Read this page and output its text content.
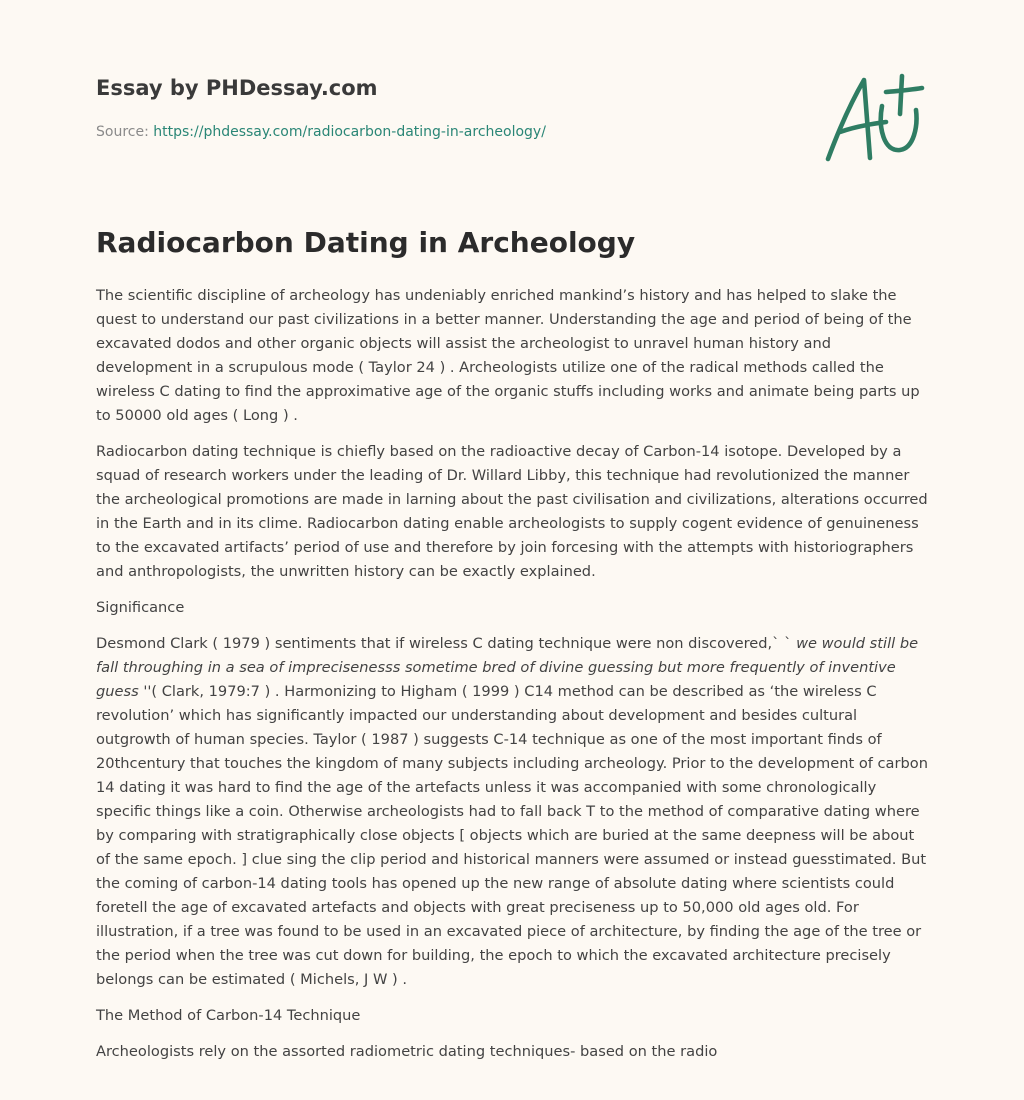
Essay by PHDessay.com
Source: https://phdessay.com/radiocarbon-dating-in-archeology/
Radiocarbon Dating in Archeology

The scientific discipline of archeology has undeniably enriched mankind’s history and has helped to slake the quest to understand our past civilizations in a better manner. Understanding the age and period of being of the excavated dodos and other organic objects will assist the archeologist to unravel human history and development in a scrupulous mode ( Taylor 24 ) . Archeologists utilize one of the radical methods called the wireless C dating to find the approximative age of the organic stuffs including works and animate being parts up to 50000 old ages ( Long ) .

Radiocarbon dating technique is chiefly based on the radioactive decay of Carbon-14 isotope. Developed by a squad of research workers under the leading of Dr. Willard Libby, this technique had revolutionized the manner the archeological promotions are made in larning about the past civilisation and civilizations, alterations occurred in the Earth and in its clime. Radiocarbon dating enable archeologists to supply cogent evidence of genuineness to the excavated artifacts’ period of use and therefore by join forcesing with the attempts with historiographers and anthropologists, the unwritten history can be exactly explained.

Significance

Desmond Clark ( 1979 ) sentiments that if wireless C dating technique were non discovered,` ` we would still be fall throughing in a sea of imprecisenesss sometime bred of divine guessing but more frequently of inventive guess ''( Clark, 1979:7 ) . Harmonizing to Higham ( 1999 ) C14 method can be described as ‘the wireless C revolution’ which has significantly impacted our understanding about development and besides cultural outgrowth of human species. Taylor ( 1987 ) suggests C-14 technique as one of the most important finds of 20thcentury that touches the kingdom of many subjects including archeology. Prior to the development of carbon 14 dating it was hard to find the age of the artefacts unless it was accompanied with some chronologically specific things like a coin. Otherwise archeologists had to fall back T to the method of comparative dating where by comparing with stratigraphically close objects [ objects which are buried at the same deepness will be about of the same epoch. ] clue sing the clip period and historical manners were assumed or instead guesstimated. But the coming of carbon-14 dating tools has opened up the new range of absolute dating where scientists could foretell the age of excavated artefacts and objects with great preciseness up to 50,000 old ages old. For illustration, if a tree was found to be used in an excavated piece of architecture, by finding the age of the tree or the period when the tree was cut down for building, the epoch to which the excavated architecture precisely belongs can be estimated ( Michels, J W ) .

The Method of Carbon-14 Technique

Archeologists rely on the assorted radiometric dating techniques- based on the radio
